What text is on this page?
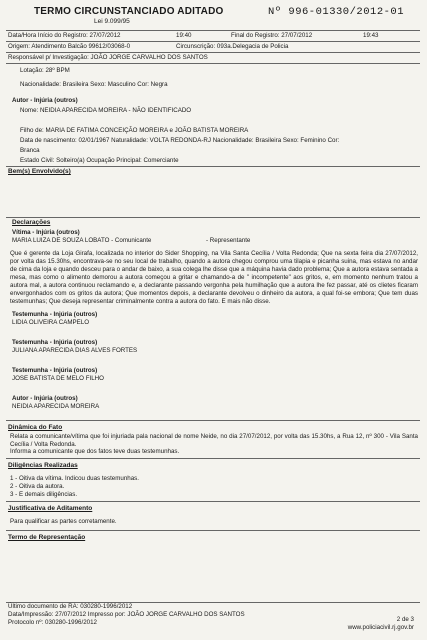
TERMO CIRCUNSTANCIADO ADITADO
Lei 9.099/95
Nº 996-01330/2012-01
Data/Hora Início do Registro: 27/07/2012	19:40	Final do Registro: 27/07/2012	19:43
Origem: Atendimento Balcão 99612/03068-0	Circunscrição: 093a.Delegacia de Policia
Responsável p/ Investigação: JOÃO JORGE CARVALHO DOS SANTOS
Lotação: 28º BPM
Nacionalidade: Brasileira Sexo: Masculino Cor: Negra
Autor - Injúria (outros)
Nome: NEIDIA APARECIDA MOREIRA - NÃO IDENTIFICADO
Filho de: MARIA DE FATIMA CONCEIÇÃO MOREIRA e JOÃO BATISTA MOREIRA
Data de nascimento: 02/01/1967 Naturalidade: VOLTA REDONDA-RJ Nacionalidade: Brasileira Sexo: Feminino Cor:
Branca
Estado Civil: Solteiro(a) Ocupação Principal: Comerciante
Bem(s) Envolvido(s)
Declarações
Vítima - Injúria (outros)
MARIA LUIZA DE SOUZA LOBATO - Comunicante	- Representante

Que é gerente da Loja Girafa, localizada no interior do Sider Shopping, na Vila Santa Cecília / Volta Redonda; Que na sexta feira dia 27/07/2012, por volta das 15.30hs, encontrava-se no seu local de trabalho, quando a autora chegou comprou uma tilapia e picanha suina, mas estava no andar de cima da loja e quando desceu para o andar de baixo, a sua colega lhe disse que a máquina havia dado problema; Que a autora estava sentada a mesa, mas como o alimento demorou a autora começou a gritar e chamando-a de " incompetente" aos gritos, e, em momento nenhum tratou a autora mal, a autora continuou reclamando e, a declarante passando vergonha pela humilhação que a autora lhe fez passar, até os clietes ficaram envergonhados com os gritos da autora; Que momentos depois, a declarante devolveu o dinheiro da autora, a qual foi-se embora; Que tem duas testemunhas; Que deseja representar criminalmente contra a autora do fato. E mais não disse.

Testemunha - Injúria (outros)
LIDIA OLIVEIRA CAMPELO
Testemunha - Injúria (outros)
JULIANA APARECIDA DIAS ALVES FORTES
Testemunha - Injúria (outros)
JOSE BATISTA DE MELO FILHO
Autor - Injúria (outros)
NEIDIA APARECIDA MOREIRA
Dinâmica do Fato

Relata a comunicante/vítima que foi injuriada pala nacional de nome Neide, no dia 27/07/2012, por volta das 15.30hs, a Rua 12, nº 300 - Vila Santa Cecília / Volta Redonda.

Informa a comunicante que dos fatos teve duas testemunhas.

Diligências Realizadas
1 - Oitiva da vítima. Indicou duas testemunhas.
2 - Oitiva da autora.
3 - E demais diligências.
Justificativa de Aditamento
Para qualificar as partes corretamente.
Termo de Representação
Último documento de RA: 030280-1996/2012
Data/Impressão: 27/07/2012 Impresso por: JOÃO JORGE CARVALHO DOS SANTOS
Protocolo nº: 030280-1996/2012	2 de 3
www.policiacivil.rj.gov.br
